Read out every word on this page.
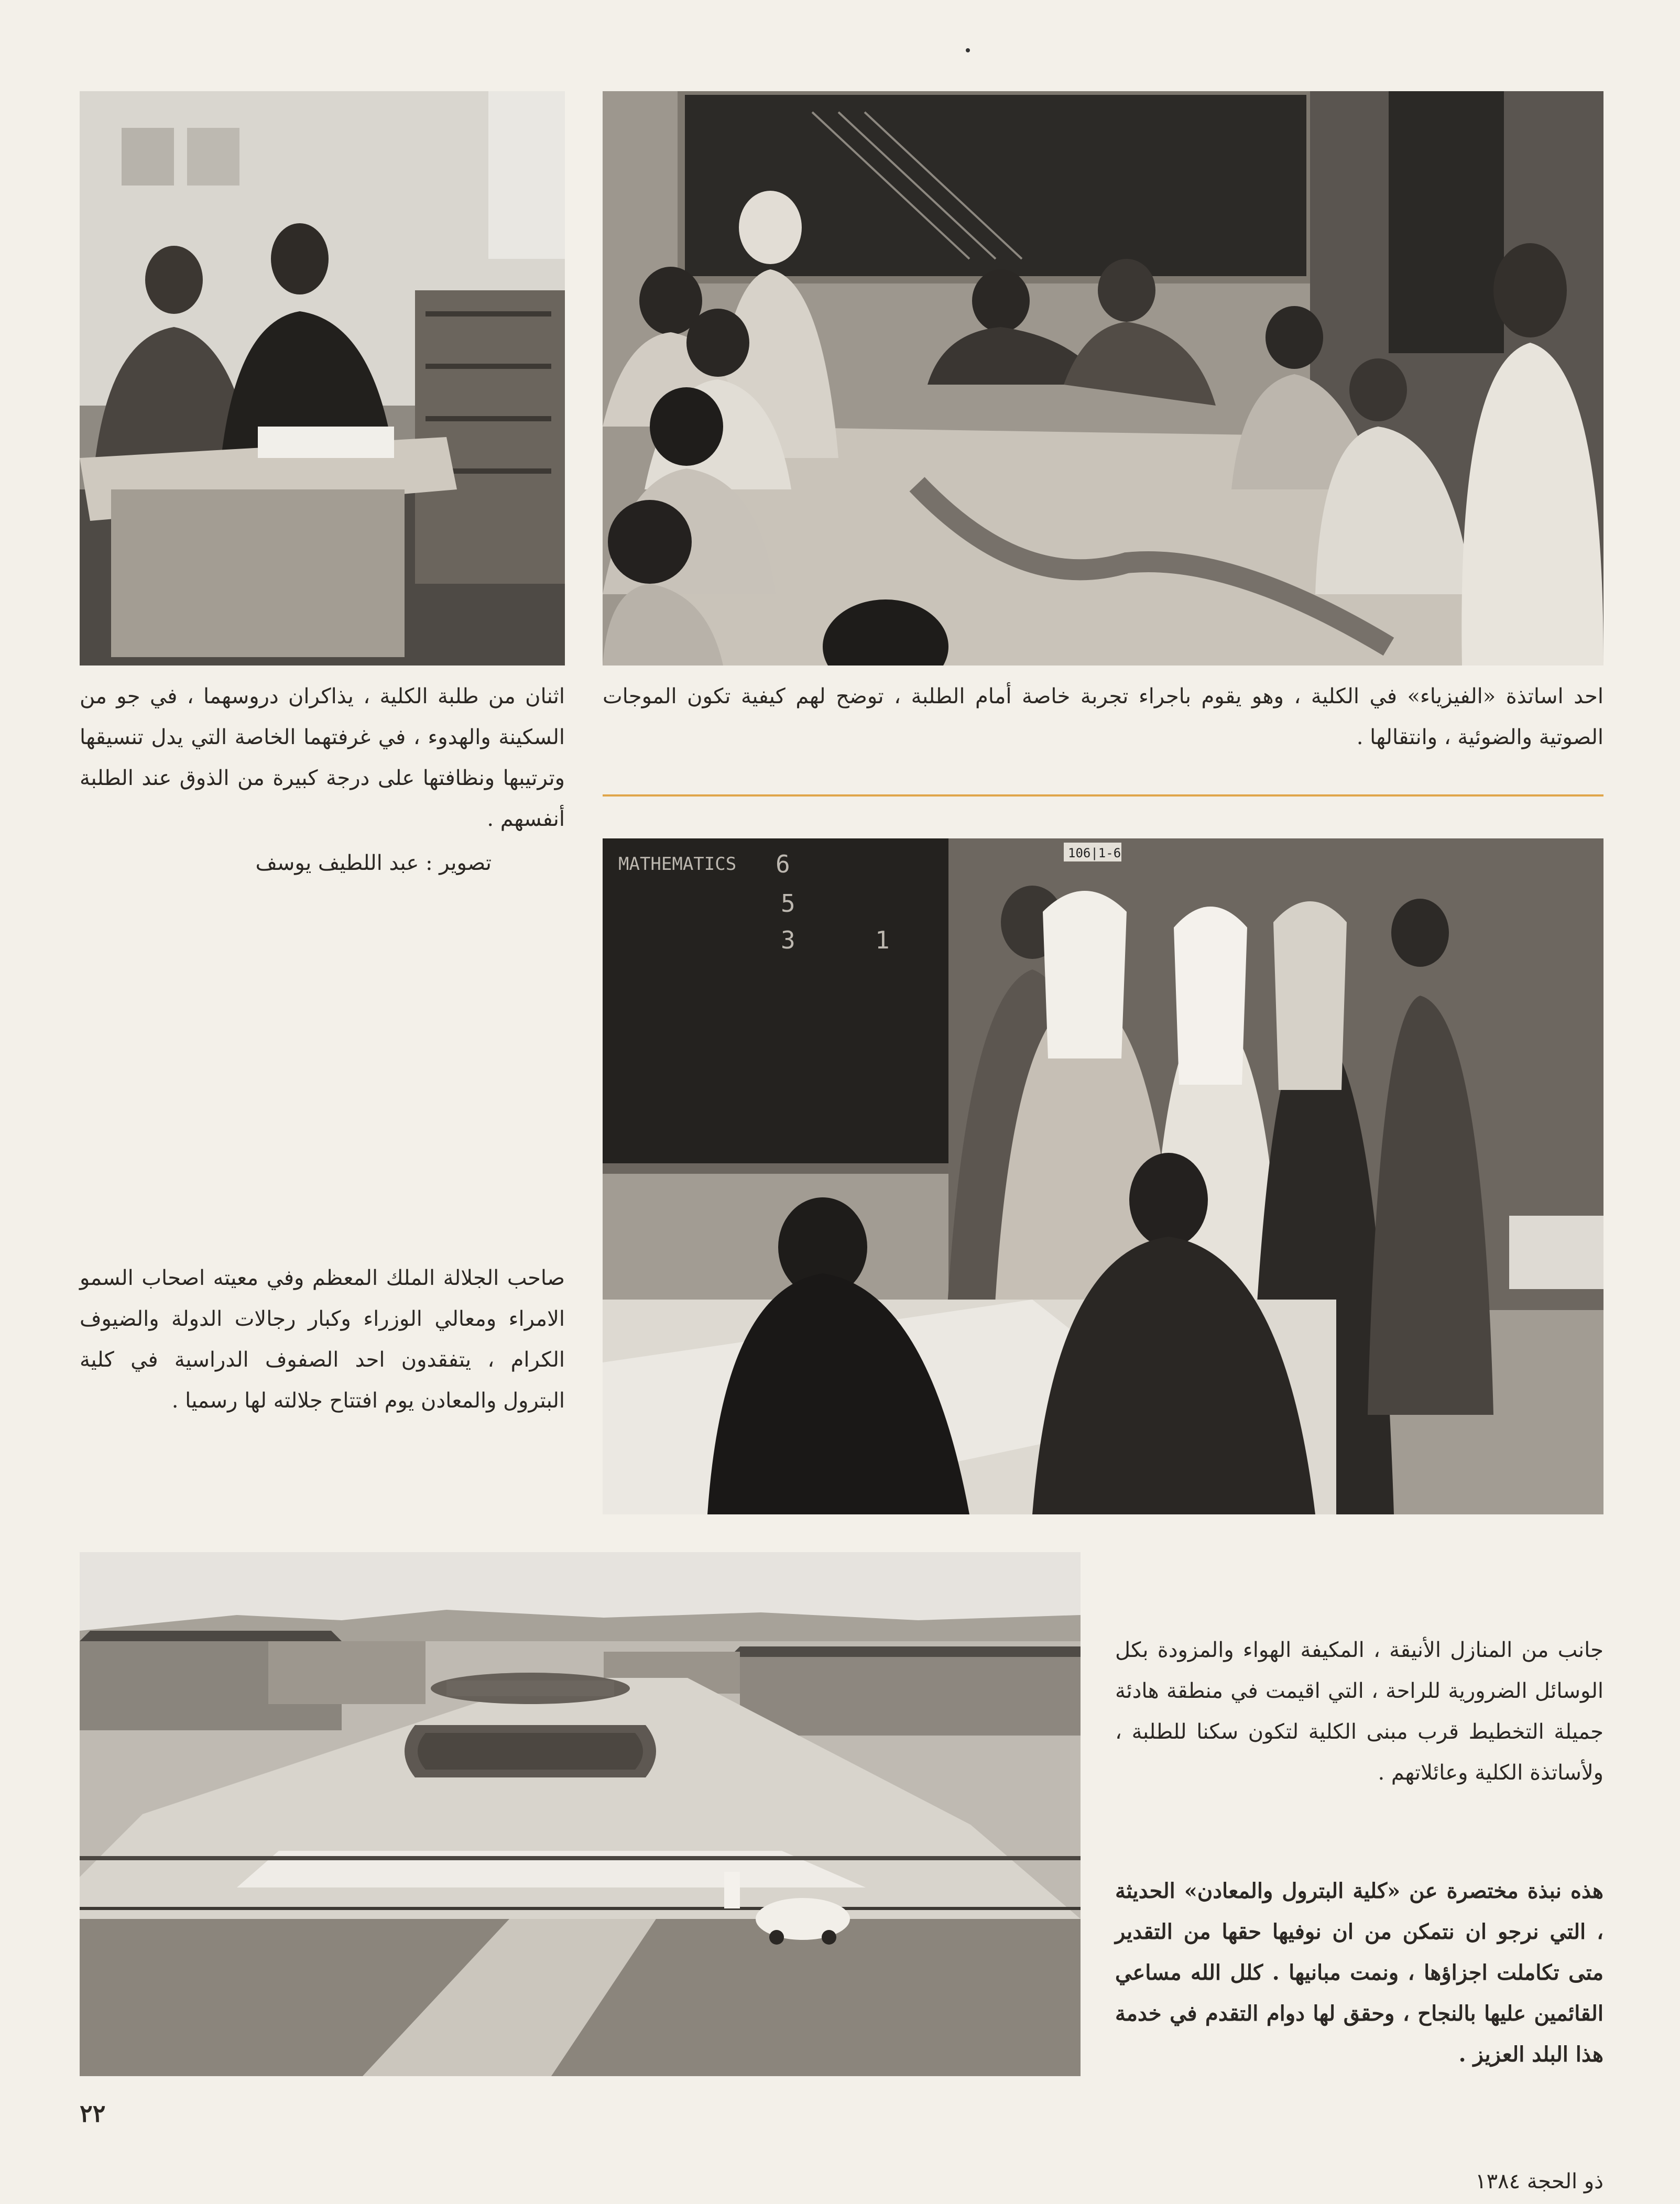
اثنان من طلبة الكلية ، يذاكران دروسهما ، في جو من السكينة والهدوء ، في غرفتهما الخاصة التي يدل تنسيقها وترتيبها ونظافتها على درجة كبيرة من الذوق عند الطلبة أنفسهم .
تصوير : عبد اللطيف يوسف
احد اساتذة «الفيزياء» في الكلية ، وهو يقوم باجراء تجربة خاصة أمام الطلبة ، توضح لهم كيفية تكون الموجات الصوتية والضوئية ، وانتقالها .
MATHEMATICS 6
5
3	1
106|1-6
صاحب الجلالة الملك المعظم وفي معيته اصحاب السمو الامراء ومعالي الوزراء وكبار رجالات الدولة والضيوف الكرام ، يتفقدون احد الصفوف الدراسية في كلية البترول والمعادن يوم افتتاح جلالته لها رسميا .
جانب من المنازل الأنيقة ، المكيفة الهواء والمزودة بكل الوسائل الضرورية للراحة ، التي اقيمت في منطقة هادئة جميلة التخطيط قرب مبنى الكلية لتكون سكنا للطلبة ، ولأساتذة الكلية وعائلاتهم .
هذه نبذة مختصرة عن «كلية البترول والمعادن» الحديثة ، التي نرجو ان نتمكن من ان نوفيها حقها من التقدير متى تكاملت اجزاؤها ، ونمت مبانيها . كلل الله مساعي القائمين عليها بالنجاح ، وحقق لها دوام التقدم في خدمة هذا البلد العزيز .
٢٢
ذو الحجة ١٣٨٤
